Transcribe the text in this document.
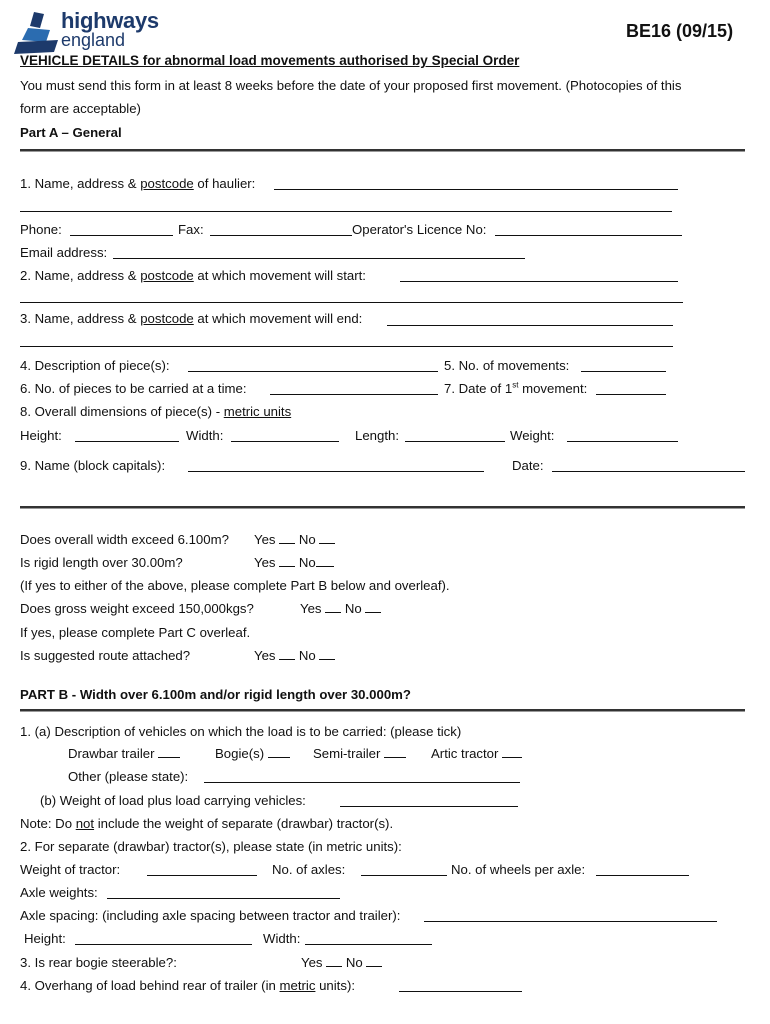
highways
england	BE16 (09/15)
VEHICLE DETAILS for abnormal load movements authorised by Special Order
You must send this form in at least 8 weeks before the date of your proposed first movement. (Photocopies of this
form are acceptable)
Part A – General
1. Name, address & postcode of haulier:
Phone:	Fax:	Operator's Licence No:
Email address:
2. Name, address & postcode at which movement will start:
3. Name, address & postcode at which movement will end:
4. Description of piece(s):	5. No. of movements:
6. No. of pieces to be carried at a time:	7. Date of 1st movement:
8. Overall dimensions of piece(s) - metric units
Height:	Width:	Length:	Weight:
9. Name (block capitals):	Date:
Does overall width exceed 6.100m? Yes No
Is rigid length over 30.00m?	Yes No
(If yes to either of the above, please complete Part B below and overleaf).
Does gross weight exceed 150,000kgs?	Yes No
If yes, please complete Part C overleaf.
Is suggested route attached?	Yes No
PART B - Width over 6.100m and/or rigid length over 30.000m?
1. (a) Description of vehicles on which the load is to be carried: (please tick)
Drawbar trailer	Bogie(s)	Semi-trailer	Artic tractor
Other (please state):
(b) Weight of load plus load carrying vehicles:
Note: Do not include the weight of separate (drawbar) tractor(s).
2. For separate (drawbar) tractor(s), please state (in metric units):
Weight of tractor:	No. of axles:	No. of wheels per axle:
Axle weights:
Axle spacing: (including axle spacing between tractor and trailer):
Height:	Width:
3. Is rear bogie steerable?:	Yes No
4. Overhang of load behind rear of trailer (in metric units):
